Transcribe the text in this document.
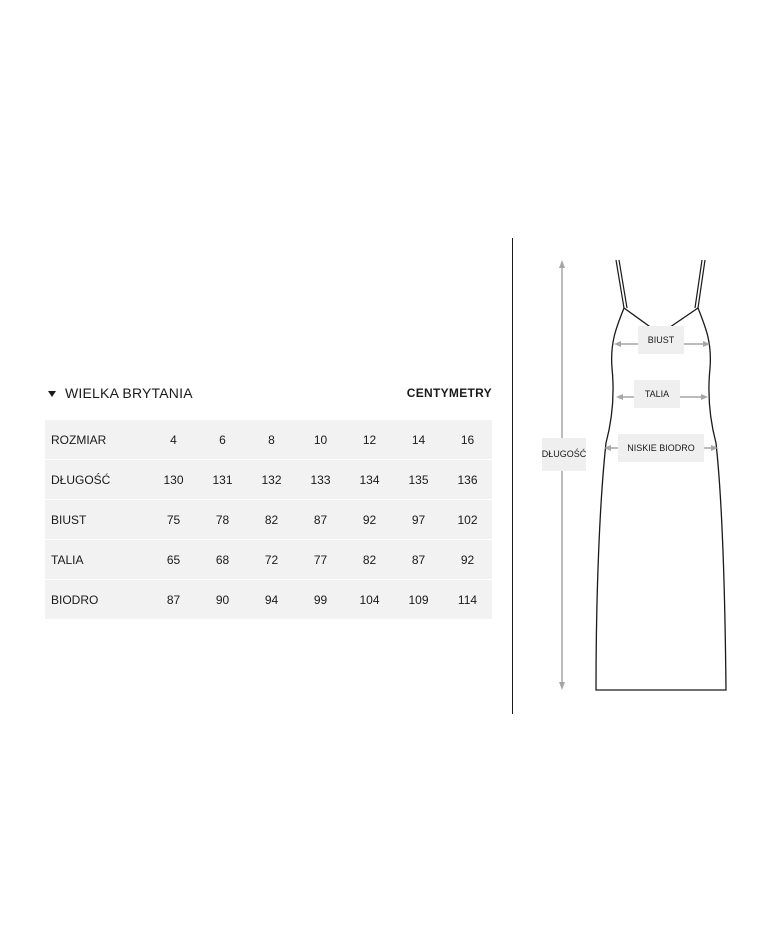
WIELKA BRYTANIA	CENTYMETRY
ROZMIAR	4	6	8	10	12	14	16
DŁUGOŚĆ	130	131	132	133	134	135	136
BIUST	75	78	82	87	92	97	102
TALIA	65	68	72	77	82	87	92
BIODRO	87	90	94	99	104	109	114
DŁUGOŚĆ
BIUST
TALIA
NISKIE BIODRO
